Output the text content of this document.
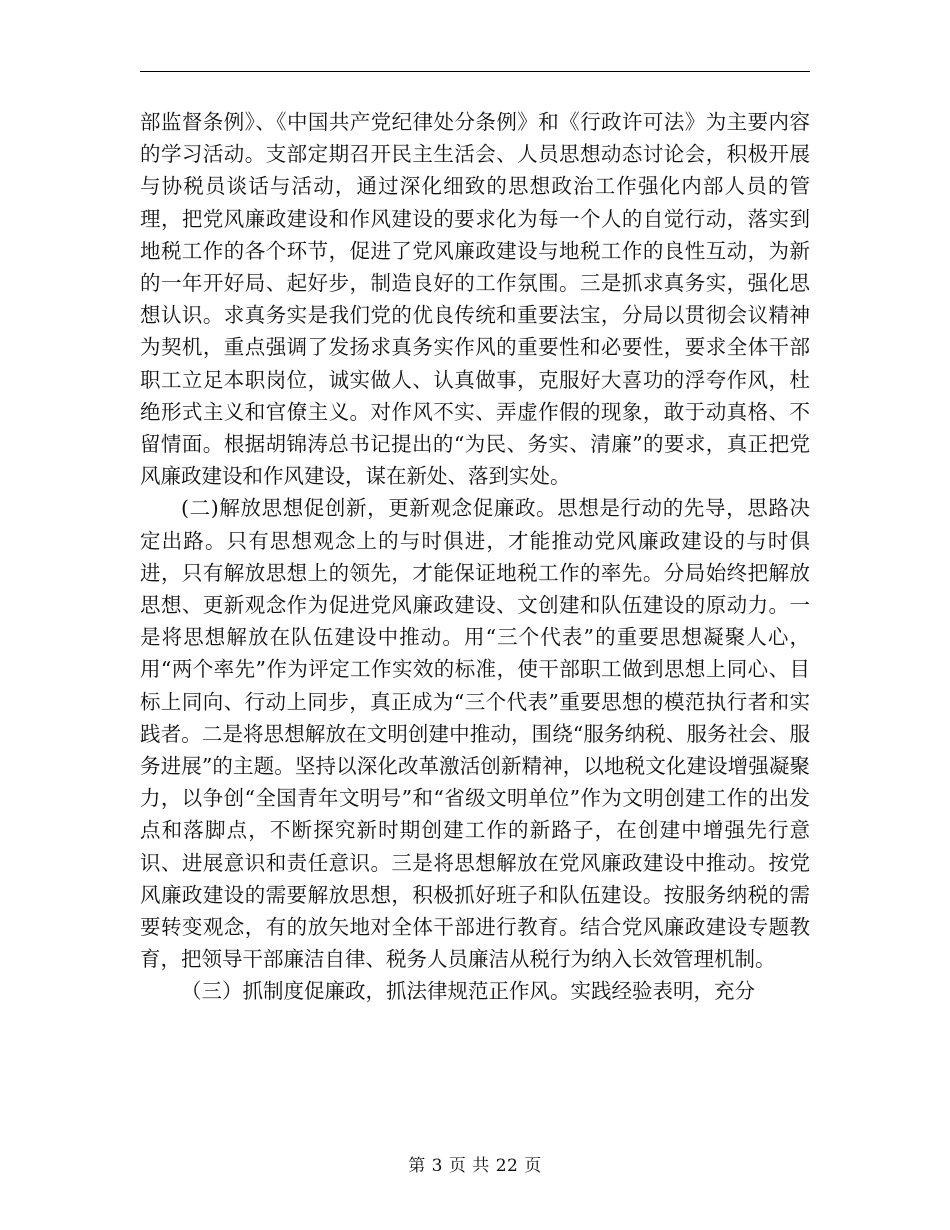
部监督条例》、《中国共产党纪律处分条例》和《行政许可法》为主要内容的学习活动。支部定期召开民主生活会、人员思想动态讨论会，积极开展与协税员谈话与活动，通过深化细致的思想政治工作强化内部人员的管理，把党风廉政建设和作风建设的要求化为每一个人的自觉行动，落实到地税工作的各个环节，促进了党风廉政建设与地税工作的良性互动，为新的一年开好局、起好步，制造良好的工作氛围。三是抓求真务实，强化思想认识。求真务实是我们党的优良传统和重要法宝，分局以贯彻会议精神为契机，重点强调了发扬求真务实作风的重要性和必要性，要求全体干部职工立足本职岗位，诚实做人、认真做事，克服好大喜功的浮夸作风，杜绝形式主义和官僚主义。对作风不实、弄虚作假的现象，敢于动真格、不留情面。根据胡锦涛总书记提出的“为民、务实、清廉”的要求，真正把党风廉政建设和作风建设，谋在新处、落到实处。

(二)解放思想促创新，更新观念促廉政。思想是行动的先导，思路决定出路。只有思想观念上的与时俱进，才能推动党风廉政建设的与时俱进，只有解放思想上的领先，才能保证地税工作的率先。分局始终把解放思想、更新观念作为促进党风廉政建设、文创建和队伍建设的原动力。一是将思想解放在队伍建设中推动。用“三个代表”的重要思想凝聚人心，用“两个率先”作为评定工作实效的标准，使干部职工做到思想上同心、目标上同向、行动上同步，真正成为“三个代表”重要思想的模范执行者和实践者。二是将思想解放在文明创建中推动，围绕“服务纳税、服务社会、服务进展”的主题。坚持以深化改革激活创新精神，以地税文化建设增强凝聚力，以争创“全国青年文明号”和“省级文明单位”作为文明创建工作的出发点和落脚点，不断探究新时期创建工作的新路子，在创建中增强先行意识、进展意识和责任意识。三是将思想解放在党风廉政建设中推动。按党风廉政建设的需要解放思想，积极抓好班子和队伍建设。按服务纳税的需要转变观念，有的放矢地对全体干部进行教育。结合党风廉政建设专题教育，把领导干部廉洁自律、税务人员廉洁从税行为纳入长效管理机制。

（三）抓制度促廉政，抓法律规范正作风。实践经验表明，充分

第 3 页 共 22 页
